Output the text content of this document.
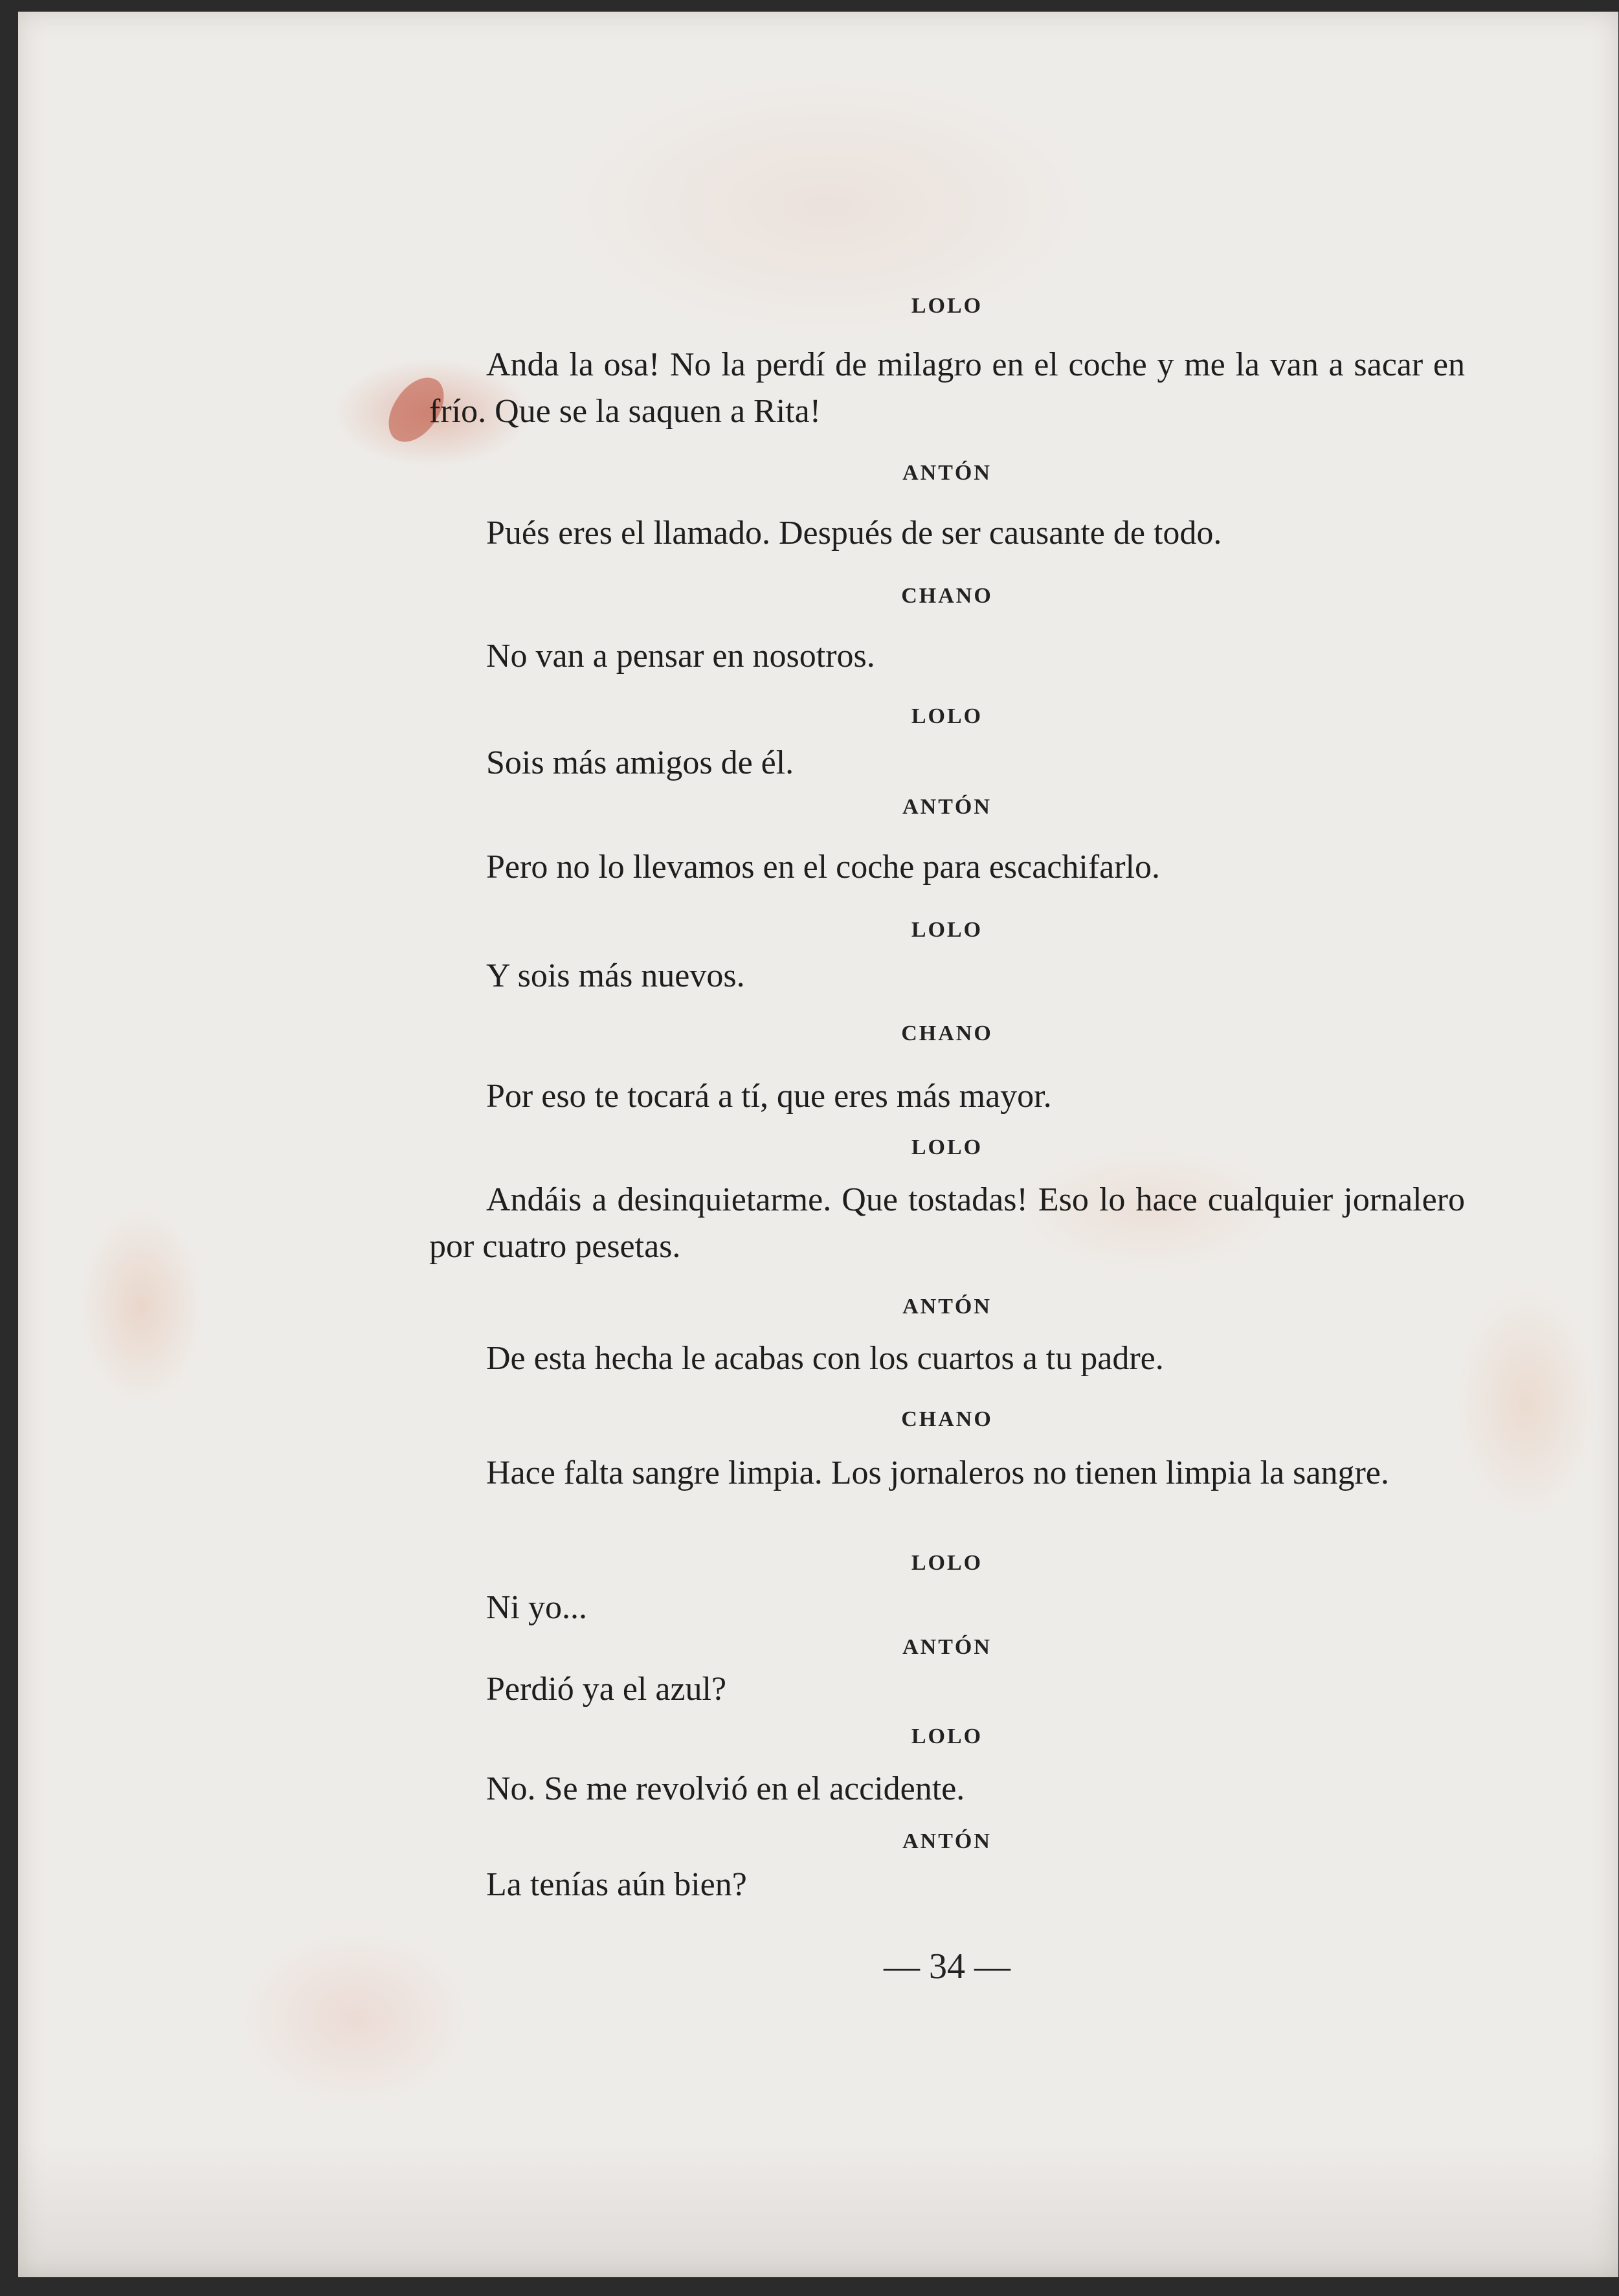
LOLO
Anda la osa! No la perdí de milagro en el coche y me la van a sacar en frío. Que se la saquen a Rita!
ANTÓN
Pués eres el llamado. Después de ser causante de todo.
CHANO
No van a pensar en nosotros.
LOLO
Sois más amigos de él.
ANTÓN
Pero no lo llevamos en el coche para escachifarlo.
LOLO
Y sois más nuevos.
CHANO
Por eso te tocará a tí, que eres más mayor.
LOLO
Andáis a desinquietarme. Que tostadas! Eso lo hace cualquier jornalero por cuatro pesetas.
ANTÓN
De esta hecha le acabas con los cuartos a tu padre.
CHANO
Hace falta sangre limpia. Los jornaleros no tienen limpia la sangre.
LOLO
Ni yo...
ANTÓN
Perdió ya el azul?
LOLO
No. Se me revolvió en el accidente.
ANTÓN
La tenías aún bien?
— 34 —
